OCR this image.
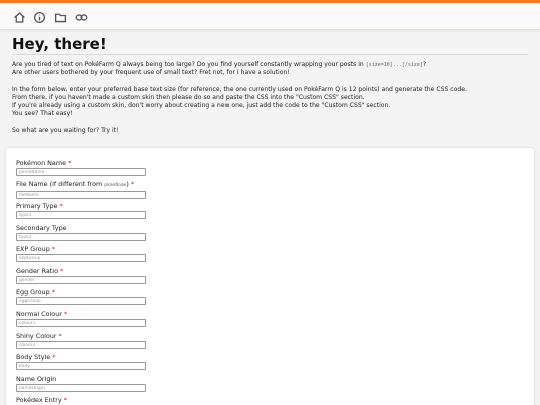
Hey, there!

Are you tired of text on PokéFarm Q always being too large? Do you find yourself constantly wrapping your posts in [size=10]...[/size]?

Are other users bothered by your frequent use of small text? Fret not, for I have a solution!

In the form below, enter your preferred base text size (for reference, the one currently used on PokéFarm Q is 12 points) and generate the CSS code.

From there, if you haven't made a custom skin then please do so and paste the CSS into the "Custom CSS" section.

If you're already using a custom skin, don't worry about creating a new one, just add the code to the "Custom CSS" section.

You see? That easy!

So what are you waiting for? Try it!

Pokémon Name *
pkmnName
File Name (if different from pkmnName) *
fileName
Primary Type *
type1
Secondary Type
type2
EXP Group *
expGroup
Gender Ratio *
gender
Egg Group *
eggGroup
Normal Colour *
colour1
Shiny Colour *
colour2
Body Style *
body
Name Origin
nameOrigin
Pokédex Entry *
